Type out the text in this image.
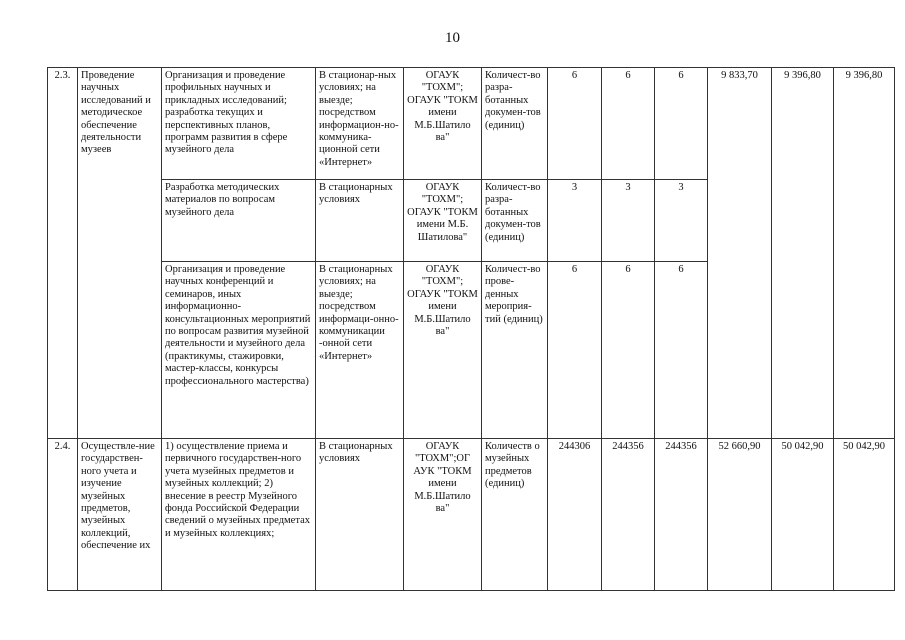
10
2.3.	Проведение научных исследований и методическое обеспечение деятельности музеев	Организация и проведение профильных научных и прикладных исследований; разработка текущих и перспективных планов, программ развития в сфере музейного дела	В стационар-ных условиях; на выезде; посредством информацион-но-коммуника-ционной сети «Интернет»	ОГАУК "ТОХМ"; ОГАУК "ТОКМ имени М.Б.Шатило ва"	Количест-во разра-ботанных докумен-тов (единиц)	6	6	6	9 833,70	9 396,80	9 396,80
		Разработка методических материалов по вопросам музейного дела	В стационарных условиях	ОГАУК "ТОХМ"; ОГАУК "ТОКМ имени М.Б. Шатилова"	Количест-во разра-ботанных докумен-тов (единиц)	3	3	3			
		Организация и проведение научных конференций и семинаров, иных информационно-консультационных мероприятий по вопросам развития музейной деятельности и музейного дела (практикумы, стажировки, мастер-классы, конкурсы профессионального мастерства)	В стационарных условиях; на выезде; посредством информаци-онно-коммуникации -онной сети «Интернет»	ОГАУК "ТОХМ"; ОГАУК "ТОКМ имени М.Б.Шатило ва"	Количест-во прове-денных мероприя-тий (единиц)	6	6	6			
2.4.	Осуществле-ние государствен-ного учета и изучение музейных предметов, музейных коллекций, обеспечение их	1) осуществление приема и первичного государствен-ного учета музейных предметов и музейных коллекций; 2) внесение в реестр Музейного фонда Российской Федерации сведений о музейных предметах и музейных коллекциях;	В стационарных условиях	ОГАУК "ТОХМ";ОГ АУК "ТОКМ имени М.Б.Шатило ва"	Количеств о музейных предметов (единиц)	244306	244356	244356	52 660,90	50 042,90	50 042,90
